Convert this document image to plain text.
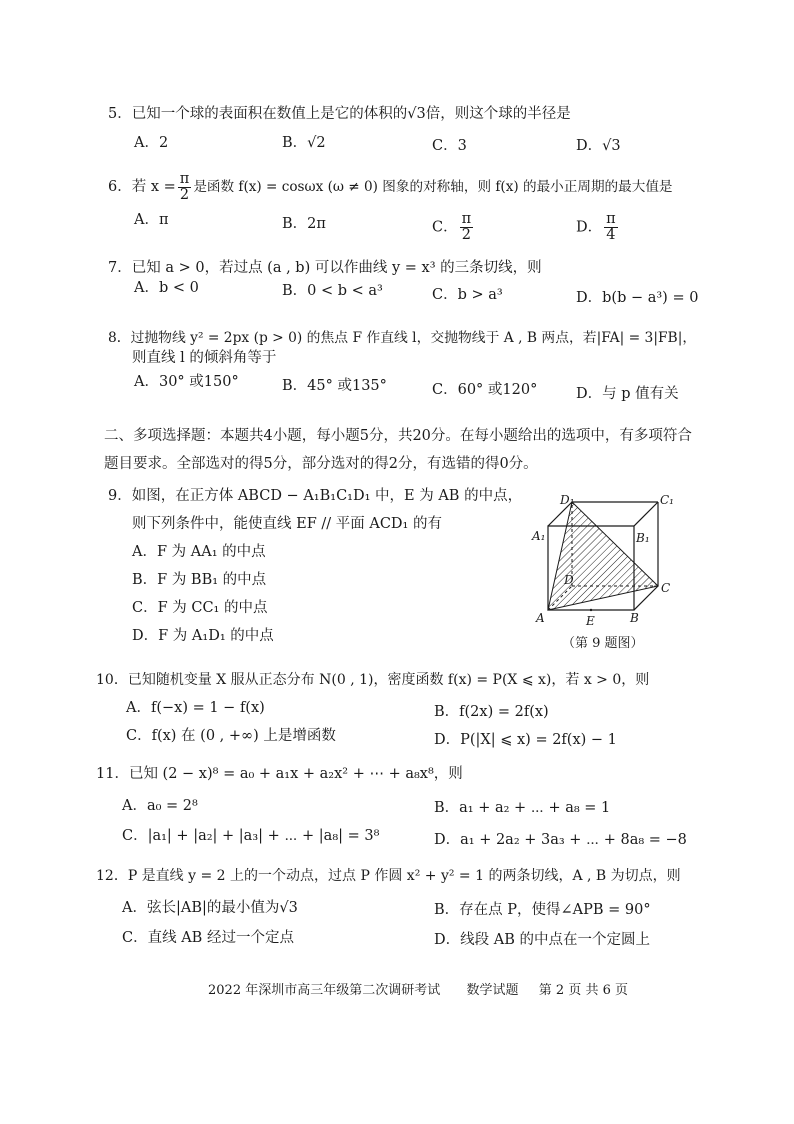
5．已知一个球的表面积在数值上是它的体积的√3倍，则这个球的半径是
A．2	B．√2	C．3	D．√3
6．若 $x = \frac{\pi}{2}$ 是函数 f(x) = cosωx (ω ≠ 0) 图象的对称轴，则 f(x) 的最小正周期的最大值是
A．π	B．2π	C． $\frac{\pi}{2}$	D． $\frac{\pi}{4}$
7．已知 a > 0，若过点 (a , b) 可以作曲线 y = x³ 的三条切线，则
A．b < 0	B．0 < b < a³	C．b > a³	D．b(b − a³) = 0
8．过抛物线 y² = 2px (p > 0) 的焦点 F 作直线 l，交抛物线于 A , B 两点，若|FA| = 3|FB|，
则直线 l 的倾斜角等于
A．30° 或150°	B．45° 或135°	C．60° 或120°	D．与 p 值有关
二、多项选择题：本题共4小题，每小题5分，共20分。在每小题给出的选项中，有多项符合题目要求。全部选对的得5分，部分选对的得2分，有选错的得0分。
9．如图，在正方体 ABCD − A₁B₁C₁D₁ 中，E 为 AB 的中点，
则下列条件中，能使直线 EF // 平面 ACD₁ 的有
A．F 为 AA₁ 的中点
B．F 为 BB₁ 的中点
C．F 为 CC₁ 的中点
D．F 为 A₁D₁ 的中点
D₁	C₁
A₁	B₁
D
C
A	E	B
（第 9 题图）
10．已知随机变量 X 服从正态分布 N(0 , 1)，密度函数 f(x) = P(X ⩽ x)，若 x > 0，则
A．f(−x) = 1 − f(x)	B．f(2x) = 2f(x)
C．f(x) 在 (0 , +∞) 上是增函数	D．P(|X| ⩽ x) = 2f(x) − 1
11．已知 (2 − x)⁸ = a₀ + a₁x + a₂x² + ⋯ + a₈x⁸，则
A．a₀ = 2⁸	B．a₁ + a₂ + ⋯ + a₈ = 1
C．|a₁| + |a₂| + |a₃| + ⋯ + |a₈| = 3⁸	D．a₁ + 2a₂ + 3a₃ + ⋯ + 8a₈ = −8
12．P 是直线 y = 2 上的一个动点，过点 P 作圆 x² + y² = 1 的两条切线，A , B 为切点，则
A．弦长|AB|的最小值为√3	B．存在点 P，使得∠APB = 90°
C．直线 AB 经过一个定点	D．线段 AB 的中点在一个定圆上
2022 年深圳市高三年级第二次调研考试 数学试题 第 2 页 共 6 页
